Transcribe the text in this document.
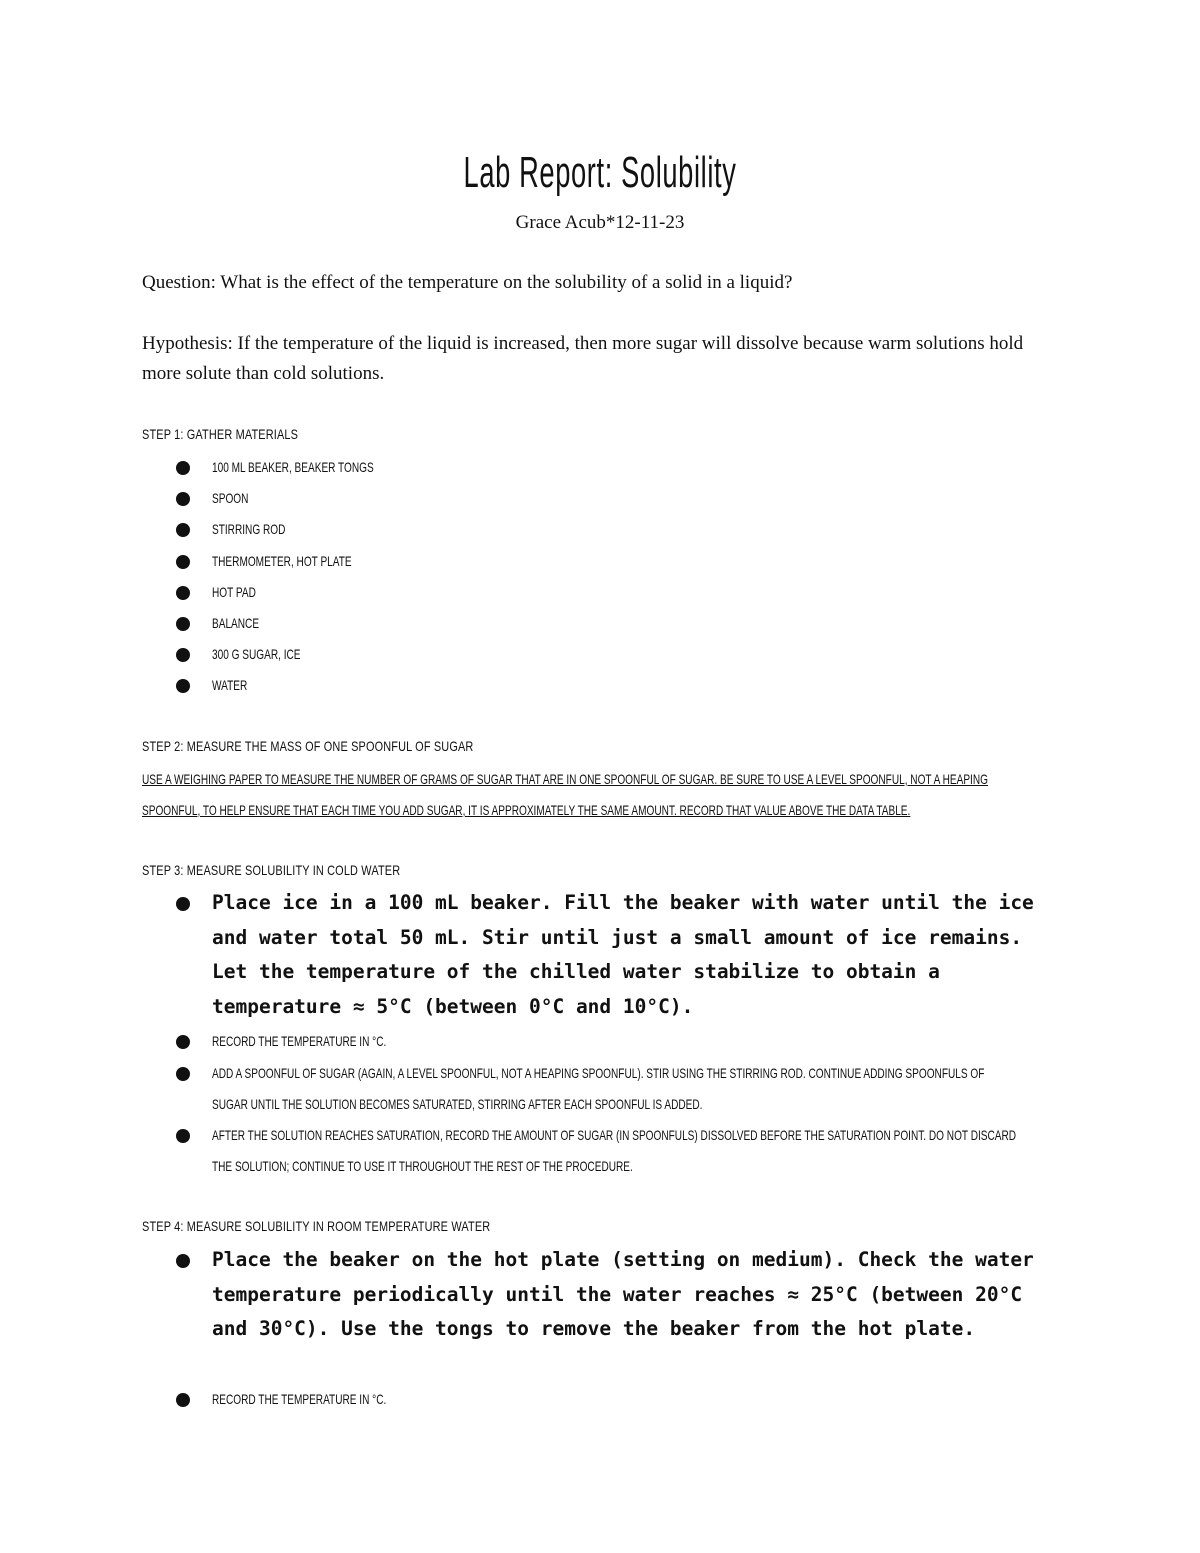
Lab Report: Solubility
Grace Acub*12-11-23
Question: What is the effect of the temperature on the solubility of a solid in a liquid?
Hypothesis: If the temperature of the liquid is increased, then more sugar will dissolve because warm solutions hold more solute than cold solutions.
STEP 1: GATHER MATERIALS
100 ML BEAKER, BEAKER TONGS
SPOON
STIRRING ROD
THERMOMETER, HOT PLATE
HOT PAD
BALANCE
300 G SUGAR, ICE
WATER
STEP 2: MEASURE THE MASS OF ONE SPOONFUL OF SUGAR
USE A WEIGHING PAPER TO MEASURE THE NUMBER OF GRAMS OF SUGAR THAT ARE IN ONE SPOONFUL OF SUGAR. BE SURE TO USE A LEVEL SPOONFUL, NOT A HEAPING
SPOONFUL, TO HELP ENSURE THAT EACH TIME YOU ADD SUGAR, IT IS APPROXIMATELY THE SAME AMOUNT. RECORD THAT VALUE ABOVE THE DATA TABLE.
STEP 3: MEASURE SOLUBILITY IN COLD WATER
Place ice in a 100 mL beaker. Fill the beaker with water until the ice and water total 50 mL. Stir until just a small amount of ice remains. Let the temperature of the chilled water stabilize to obtain a temperature ≈ 5°C (between 0°C and 10°C).
RECORD THE TEMPERATURE IN °C.
ADD A SPOONFUL OF SUGAR (AGAIN, A LEVEL SPOONFUL, NOT A HEAPING SPOONFUL). STIR USING THE STIRRING ROD. CONTINUE ADDING SPOONFULS OF
SUGAR UNTIL THE SOLUTION BECOMES SATURATED, STIRRING AFTER EACH SPOONFUL IS ADDED.
AFTER THE SOLUTION REACHES SATURATION, RECORD THE AMOUNT OF SUGAR (IN SPOONFULS) DISSOLVED BEFORE THE SATURATION POINT. DO NOT DISCARD
THE SOLUTION; CONTINUE TO USE IT THROUGHOUT THE REST OF THE PROCEDURE.
STEP 4: MEASURE SOLUBILITY IN ROOM TEMPERATURE WATER
Place the beaker on the hot plate (setting on medium). Check the water temperature periodically until the water reaches ≈ 25°C (between 20°C and 30°C). Use the tongs to remove the beaker from the hot plate.
RECORD THE TEMPERATURE IN °C.
